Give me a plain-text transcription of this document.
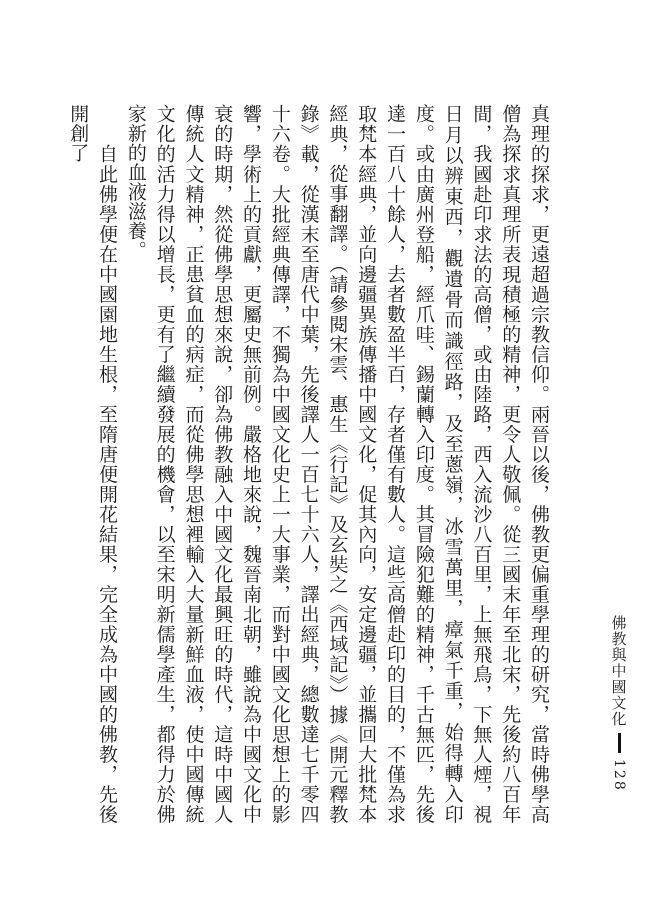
真理的探求，更遠超過宗教信仰。兩晉以後，佛教更偏重學理的研究，當時佛學高僧為探求真理所表現積極的精神，更令人敬佩。從三國末年至北宋，先後約八百年間，我國赴印求法的高僧，或由陸路，西入流沙八百里，上無飛鳥，下無人煙，視日月以辨東西，觀遺骨而識徑路，及至蔥嶺，冰雪萬里，瘴氣千重，始得轉入印度。或由廣州登船，經爪哇、錫蘭轉入印度。其冒險犯難的精神，千古無匹，先後達一百八十餘人，去者數盈半百，存者僅有數人。這些高僧赴印的目的，不僅為求取梵本經典，並向邊疆異族傳播中國文化，促其內向，安定邊疆，並攜回大批梵本經典，從事翻譯。（請參閱宋雲、惠生《行記》及玄奘之《西域記》）據《開元釋教錄》載，從漢末至唐代中葉，先後譯人一百七十六人，譯出經典，總數達七千零四十六卷。大批經典傳譯，不獨為中國文化史上一大事業，而對中國文化思想上的影響，學術上的貢獻，更屬史無前例。嚴格地來說，魏晉南北朝，雖說為中國文化中衰的時期，然從佛學思想來說，卻為佛教融入中國文化最興旺的時代，這時中國人傳統人文精神，正患貧血的病症，而從佛學思想裡輸入大量新鮮血液，使中國傳統文化的活力得以增長，更有了繼續發展的機會，以至宋明新儒學產生，都得力於佛家新的血液滋養。

　　自此佛學便在中國園地生根，至隋唐便開花結果，完全成為中國的佛教，先後開創了

佛教與中國文化
128
